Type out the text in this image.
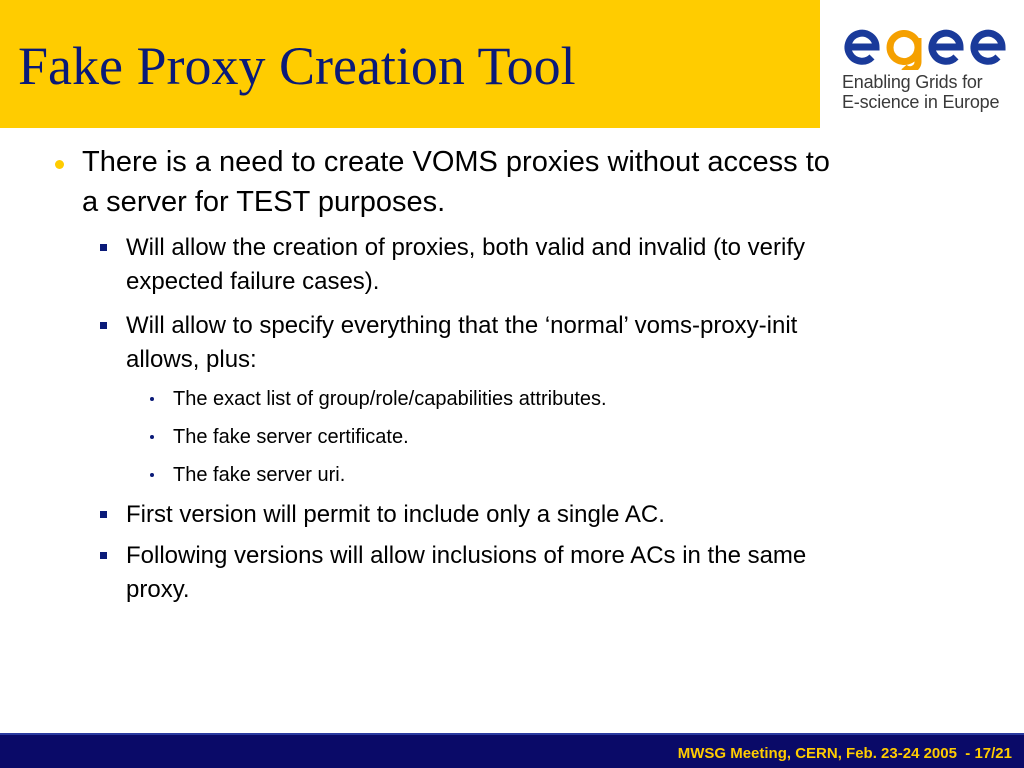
Fake Proxy Creation Tool	Enabling Grids for
E-science in Europe
There is a need to create VOMS proxies without access to
a server for TEST purposes.
Will allow the creation of proxies, both valid and invalid (to verify
expected failure cases).
Will allow to specify everything that the ‘normal’ voms-proxy-init
allows, plus:
The exact list of group/role/capabilities attributes.
The fake server certificate.
The fake server uri.
First version will permit to include only a single AC.
Following versions will allow inclusions of more ACs in the same
proxy.
MWSG Meeting, CERN, Feb. 23-24 2005  - 17/21
